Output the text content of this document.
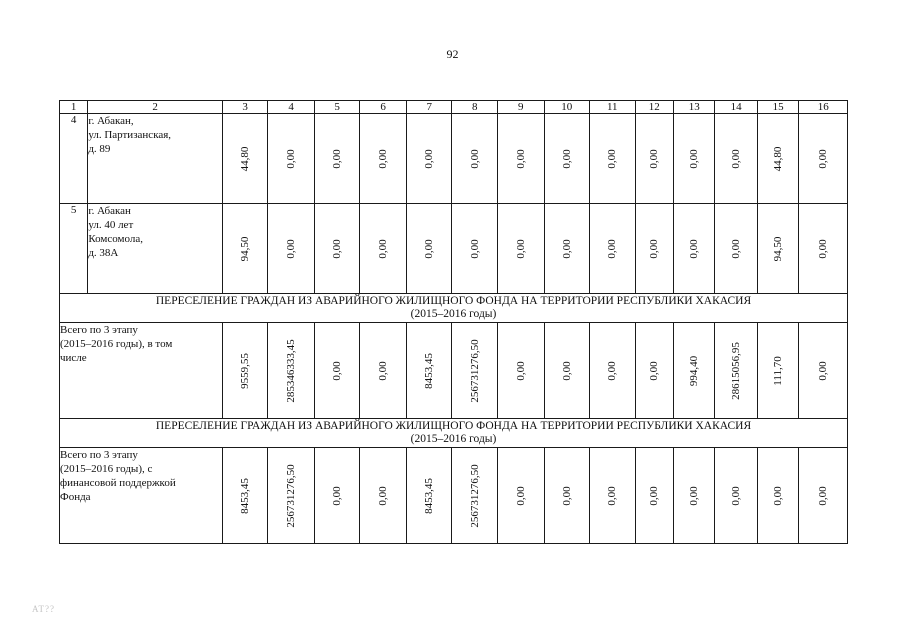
92
1	2	3	4	5	6	7	8	9	10	11	12	13	14	15	16
4	г. Абакан,
ул. Партизанская,
д. 89	44,80	0,00	0,00	0,00	0,00	0,00	0,00	0,00	0,00	0,00	0,00	0,00	44,80	0,00

5	г. Абакан
ул. 40 лет
Комсомола,
д. 38А	94,50	0,00	0,00	0,00	0,00	0,00	0,00	0,00	0,00	0,00	0,00	0,00	94,50	0,00

ПЕРЕСЕЛЕНИЕ ГРАЖДАН ИЗ АВАРИЙНОГО ЖИЛИЩНОГО ФОНДА НА ТЕРРИТОРИИ РЕСПУБЛИКИ ХАКАСИЯ
(2015–2016 годы)															

Всего по 3 этапу
(2015–2016 годы), в том
числе		9559,55	285346333,45	0,00	0,00	8453,45	256731276,50	0,00	0,00	0,00	0,00	994,40	28615056,95	111,70	0,00

ПЕРЕСЕЛЕНИЕ ГРАЖДАН ИЗ АВАРИЙНОГО ЖИЛИЩНОГО ФОНДА НА ТЕРРИТОРИИ РЕСПУБЛИКИ ХАКАСИЯ
(2015–2016 годы)															

Всего по 3 этапу
(2015–2016 годы), с
финансовой поддержкой
Фонда		8453,45	256731276,50	0,00	0,00	8453,45	256731276,50	0,00	0,00	0,00	0,00	0,00	0,00	0,00	0,00
AT??
